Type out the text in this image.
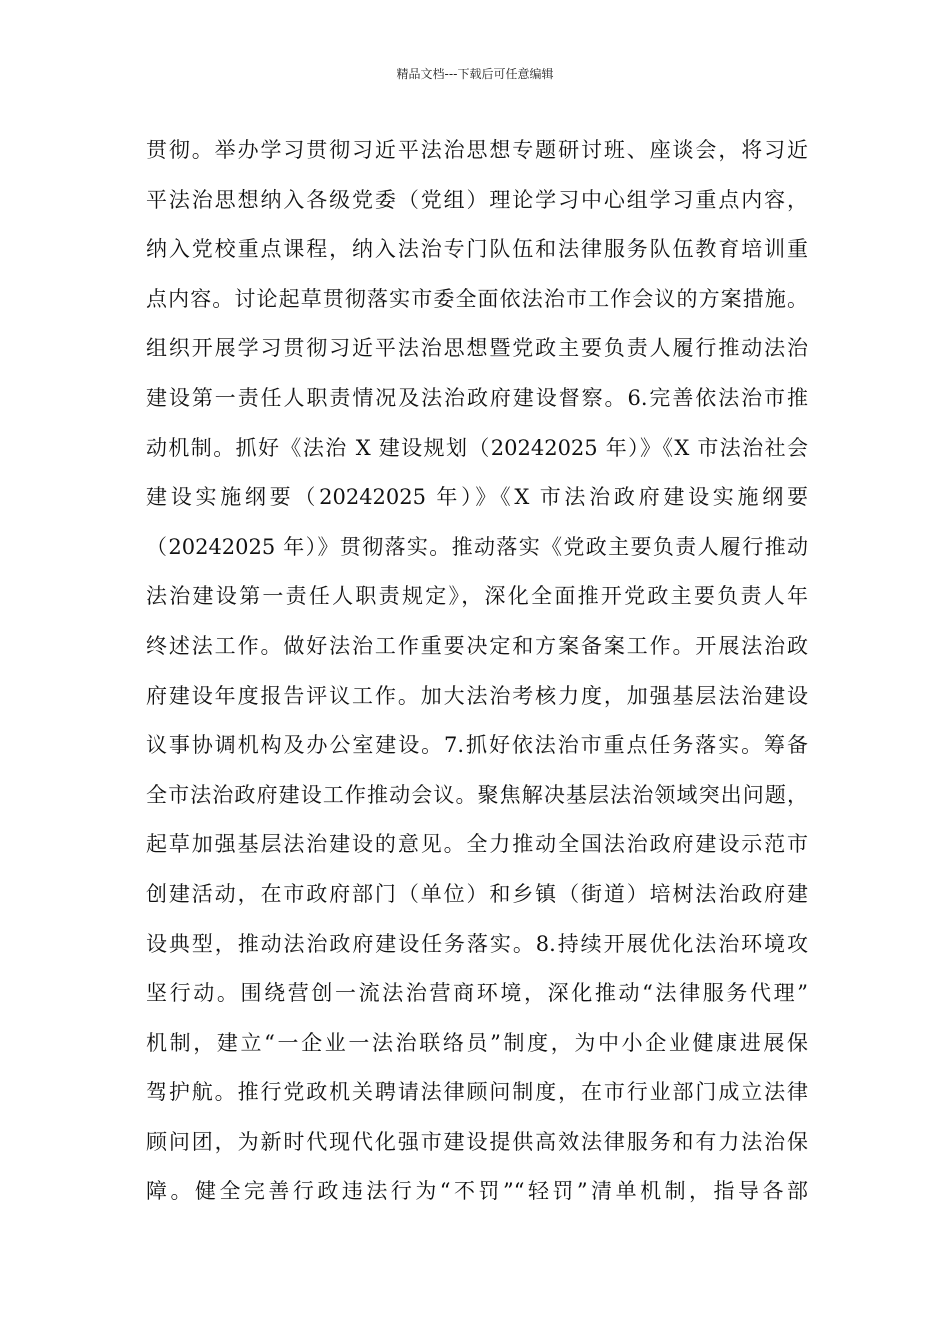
精品文档---下载后可任意编辑
贯彻。举办学习贯彻习近平法治思想专题研讨班、座谈会，将习近
平法治思想纳入各级党委（党组）理论学习中心组学习重点内容，
纳入党校重点课程，纳入法治专门队伍和法律服务队伍教育培训重
点内容。讨论起草贯彻落实市委全面依法治市工作会议的方案措施。
组织开展学习贯彻习近平法治思想暨党政主要负责人履行推动法治
建设第一责任人职责情况及法治政府建设督察。6.完善依法治市推
动机制。抓好《法治 X 建设规划（20242025 年）》《X 市法治社会
建设实施纲要（20242025 年）》《X 市法治政府建设实施纲要
（20242025 年）》贯彻落实。推动落实《党政主要负责人履行推动
法治建设第一责任人职责规定》，深化全面推开党政主要负责人年
终述法工作。做好法治工作重要决定和方案备案工作。开展法治政
府建设年度报告评议工作。加大法治考核力度，加强基层法治建设
议事协调机构及办公室建设。7.抓好依法治市重点任务落实。筹备
全市法治政府建设工作推动会议。聚焦解决基层法治领域突出问题，
起草加强基层法治建设的意见。全力推动全国法治政府建设示范市
创建活动，在市政府部门（单位）和乡镇（街道）培树法治政府建
设典型，推动法治政府建设任务落实。8.持续开展优化法治环境攻
坚行动。围绕营创一流法治营商环境，深化推动“法律服务代理”
机制，建立“一企业一法治联络员”制度，为中小企业健康进展保
驾护航。推行党政机关聘请法律顾问制度，在市行业部门成立法律
顾问团，为新时代现代化强市建设提供高效法律服务和有力法治保
障。健全完善行政违法行为“不罚”“轻罚”清单机制，指导各部
